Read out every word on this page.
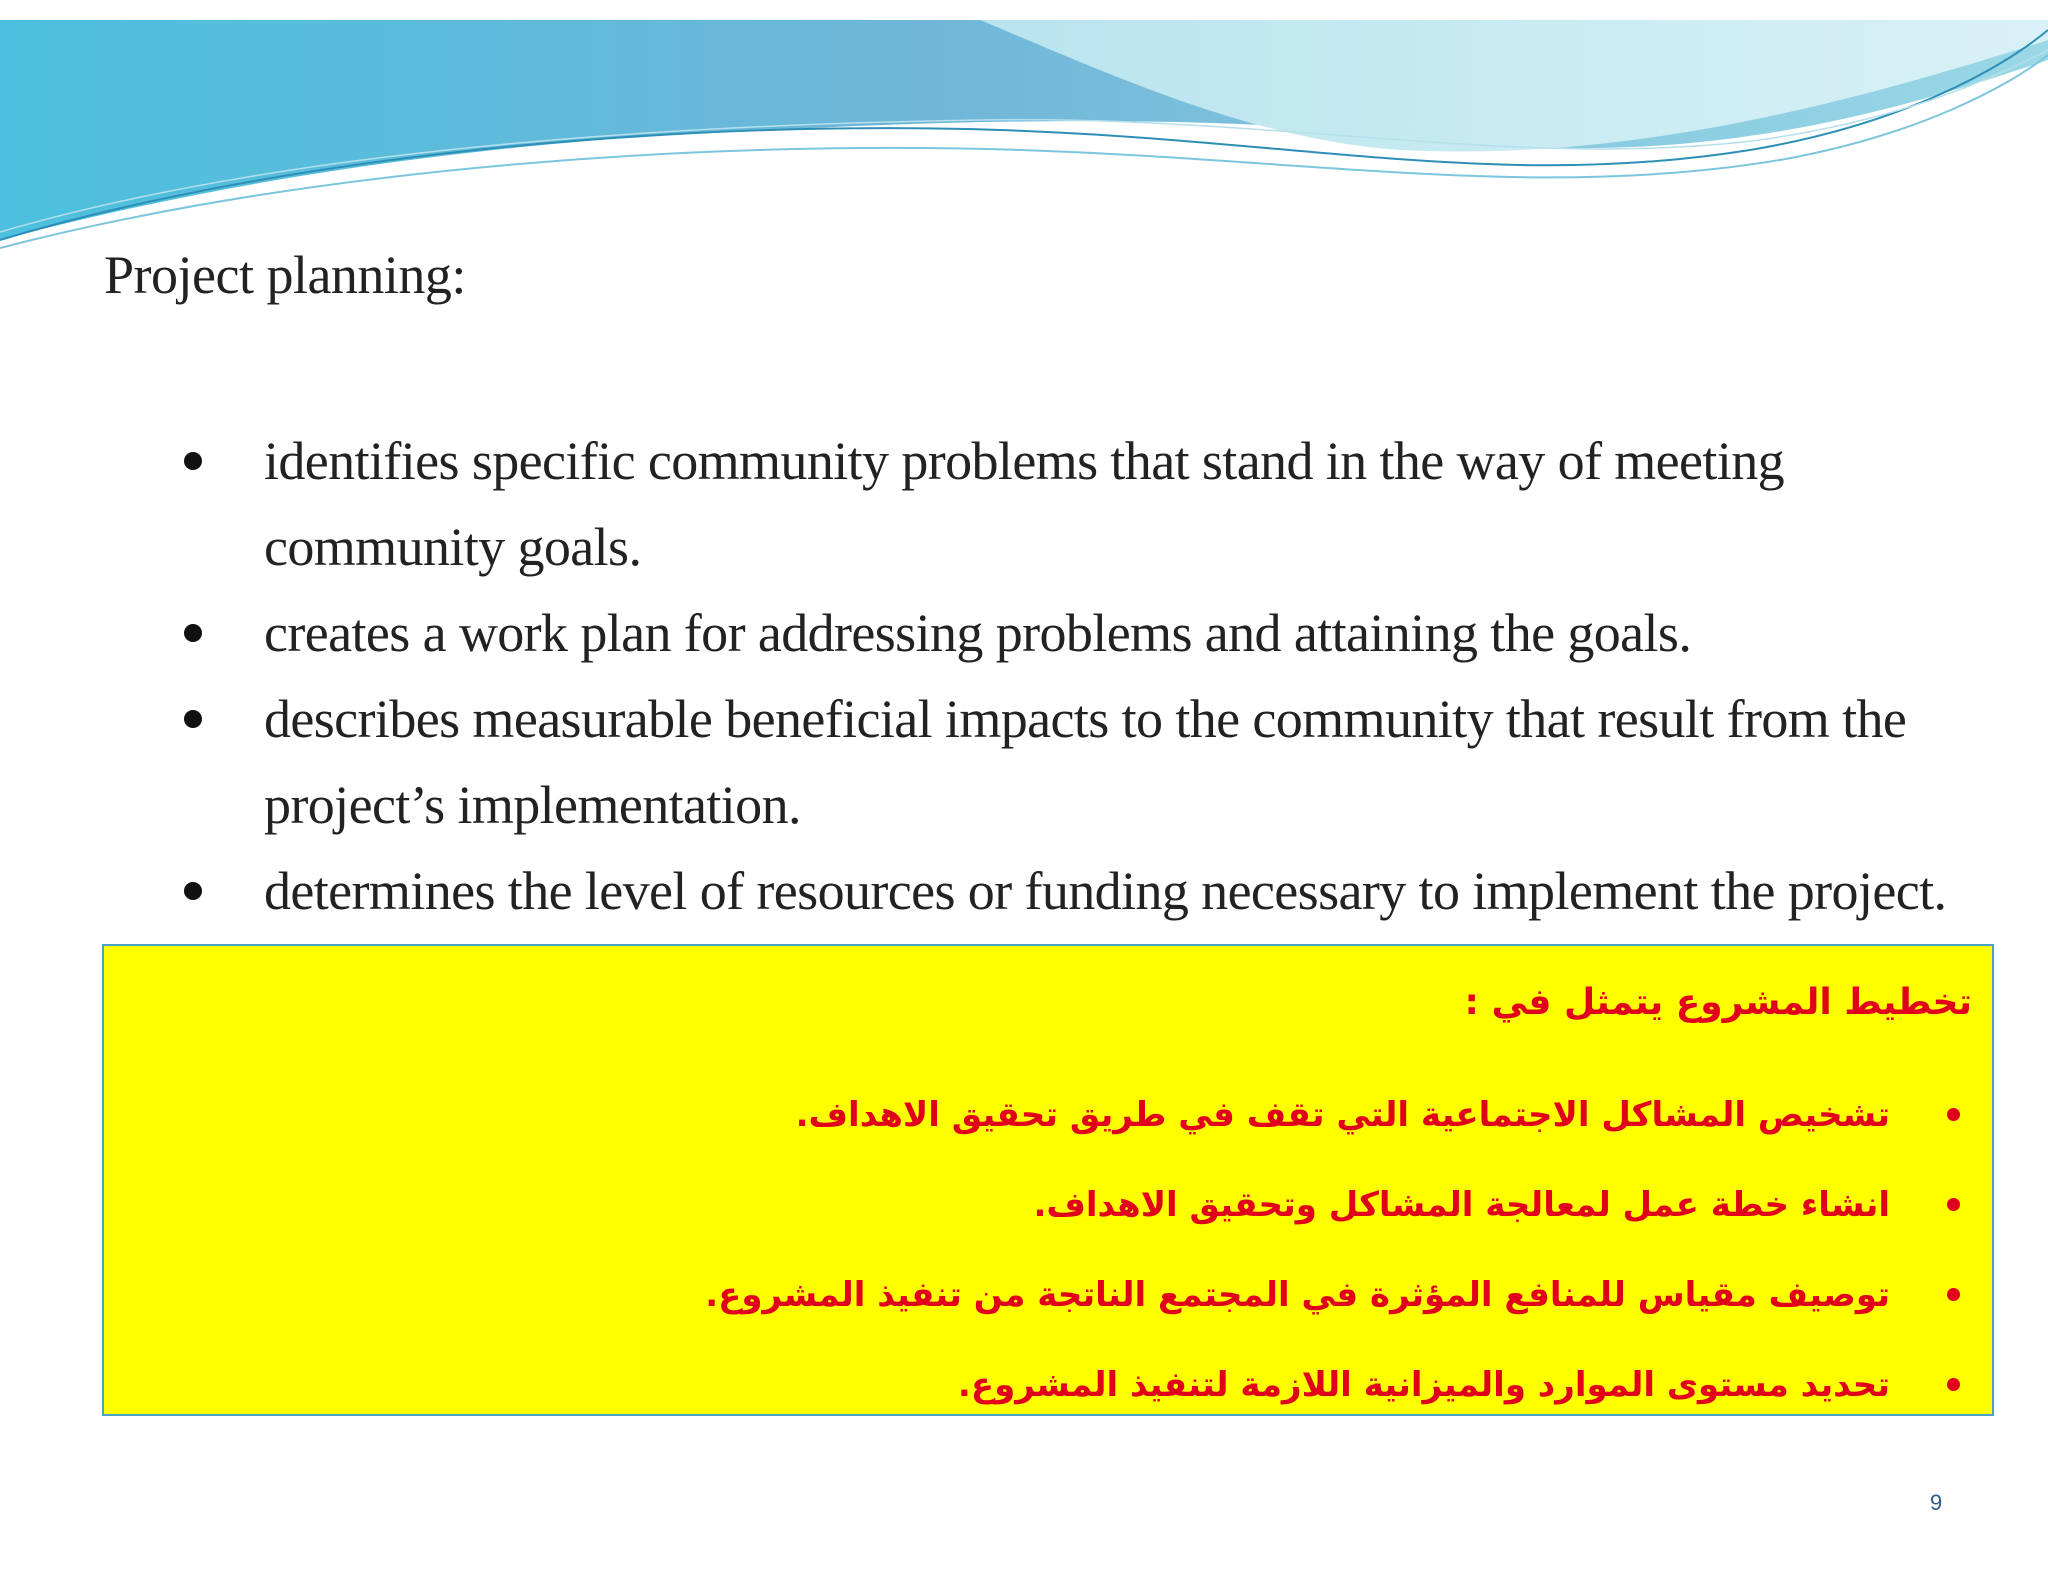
Project planning:
identifies specific community problems that stand in the way of meeting community goals.
creates a work plan for addressing problems and attaining the goals.
describes measurable beneficial impacts to the community that result from the project’s implementation.
determines the level of resources or funding necessary to implement the project.

تخطيط المشروع يتمثل في :

تشخيص المشاكل الاجتماعية التي تقف في طريق تحقيق الاهداف.
انشاء خطة عمل لمعالجة المشاكل وتحقيق الاهداف.
توصيف مقياس للمنافع المؤثرة في المجتمع الناتجة من تنفيذ المشروع.
تحديد مستوى الموارد والميزانية اللازمة لتنفيذ المشروع.
9
